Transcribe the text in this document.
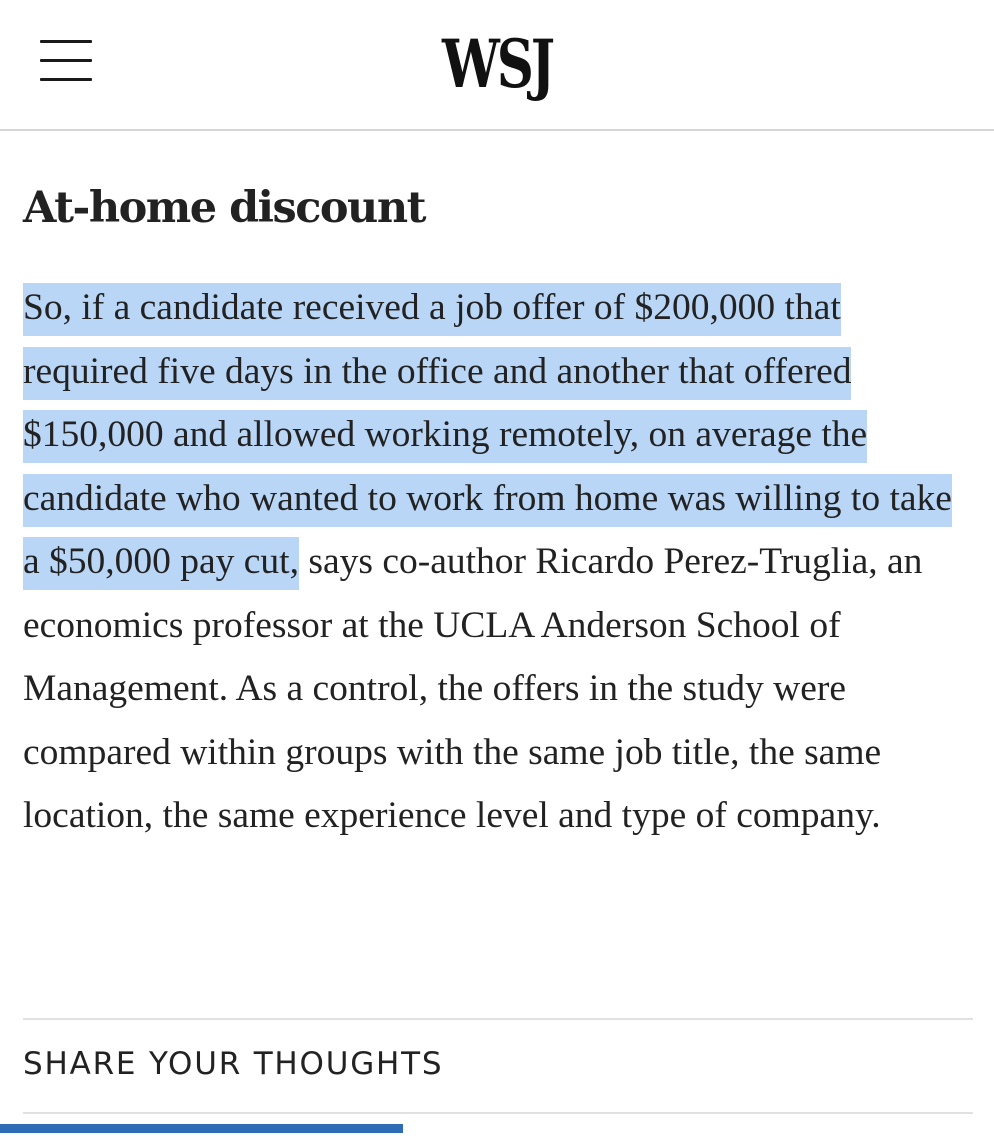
WSJ
At-home discount

So, if a candidate received a job offer of $200,000 that required five days in the office and another that offered $150,000 and allowed working remotely, on average the candidate who wanted to work from home was willing to take a $50,000 pay cut, says co-author Ricardo Perez-Truglia, an economics professor at the UCLA Anderson School of Management. As a control, the offers in the study were compared within groups with the same job title, the same location, the same experience level and type of company.

SHARE YOUR THOUGHTS
